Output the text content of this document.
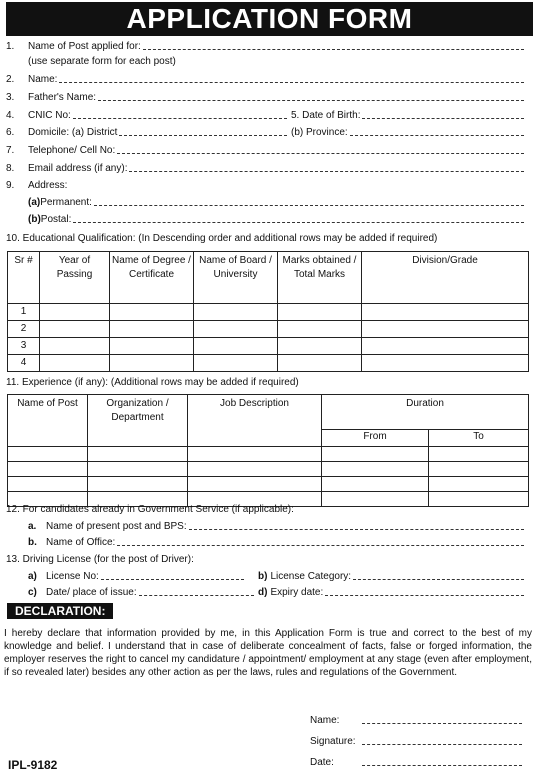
APPLICATION FORM
1.	Name of Post applied for:
(use separate form for each post)
2.	Name:
3.	Father's Name:
4.	CNIC No:	5. Date of Birth:
6.	Domicile: (a) District	(b) Province:
7.	Telephone/ Cell No:
8.	Email address (if any):
9.	Address:
(a) Permanent:
(b) Postal:
10. Educational Qualification: (In Descending order and additional rows may be added if required)
Sr #	Year of Passing	Name of Degree / Certificate	Name of Board / University	Marks obtained / Total Marks	Division/Grade
1					
2					
3					
4					
11. Experience (if any): (Additional rows may be added if required)
Name of Post	Organization / Department	Job Description	Duration	
			From	To

12. For candidates already in Government Service (if applicable):
a. Name of present post and BPS:
b. Name of Office:
13. Driving License (for the post of Driver):
a) License No:	b) License Category:
c) Date/ place of issue:	d) Expiry date:
DECLARATION:
I hereby declare that information provided by me, in this Application Form is true and correct to the best of my knowledge and belief. I understand that in case of deliberate concealment of facts, false or forged information, the employer reserves the right to cancel my candidature / appointment/ employment at any stage (even after employment, if so revealed later) besides any other action as per the laws, rules and regulations of the Government.
Name:
Signature:
Date:
IPL-9182
